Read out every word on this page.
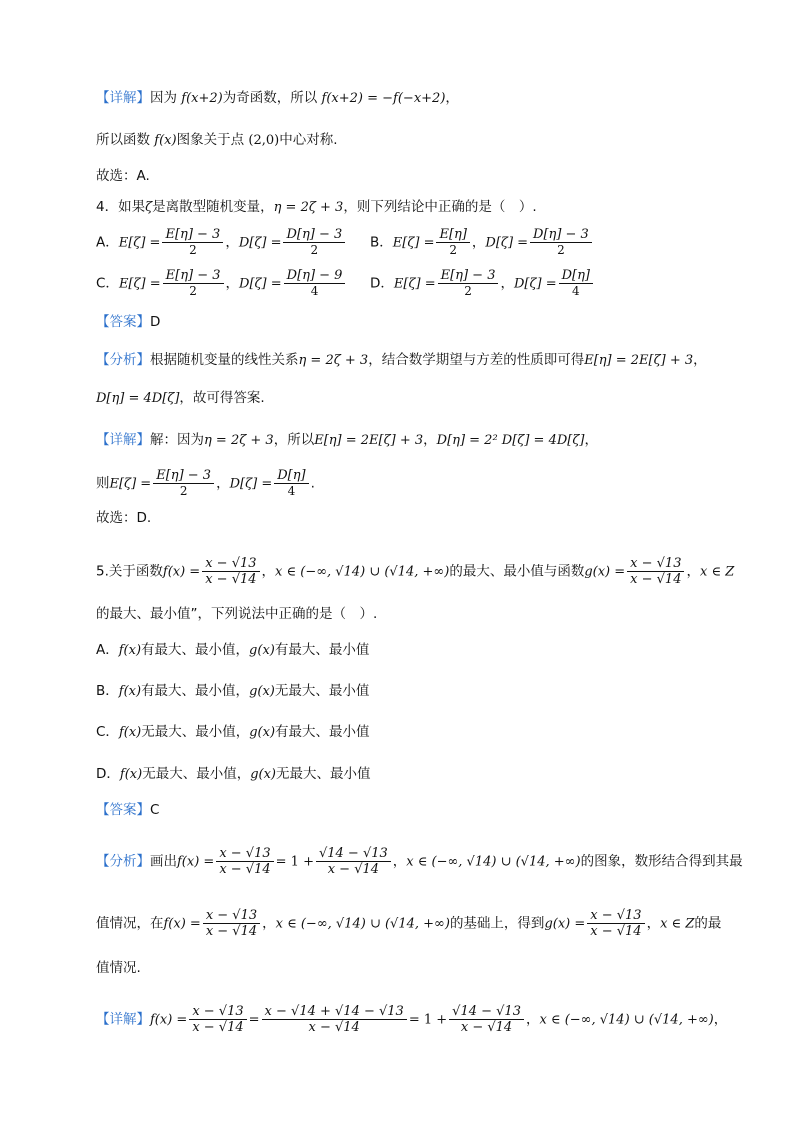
【详解】因为 f(x+2)为奇函数，所以 f(x+2) = −f(−x+2)，
所以函数 f(x)图象关于点 (2,0)中心对称.
故选：A.
4．如果ζ是离散型随机变量，η = 2ζ + 3，则下列结论中正确的是（　）.
A．$E[\zeta] = \frac{E[\eta] - 3}{2}$ ，$D[\zeta] = \frac{D[\eta] - 3}{2}$ B．$E[\zeta] = \frac{E[\eta]}{2}$ ，$D[\zeta] = \frac{D[\eta] - 3}{2}$
C．$E[\zeta] = \frac{E[\eta] - 3}{2}$ ，$D[\zeta] = \frac{D[\eta] - 9}{4}$ D．$E[\zeta] = \frac{E[\eta] - 3}{2}$ ，$D[\zeta] = \frac{D[\eta]}{4}$
【答案】D
【分析】根据随机变量的线性关系η = 2ζ + 3，结合数学期望与方差的性质即可得E[η] = 2E[ζ] + 3，
D[η] = 4D[ζ]，故可得答案.
【详解】解：因为η = 2ζ + 3，所以E[η] = 2E[ζ] + 3，D[η] = 2² D[ζ] = 4D[ζ]，
则$E[\zeta] = \frac{E[\eta] - 3}{2}$ ，$D[\zeta] = \frac{D[\eta]}{4}$ .
故选：D.
5.关于函数$f(x) = \frac{x - √13}{x - √14}$ ，x ∈ (−∞, √14) ∪ (√14, +∞)的最大、最小值与函数$g(x) = \frac{x - √13}{x - √14}$ ，x ∈ Z
的最大、最小值”，下列说法中正确的是（　）.
A．f(x)有最大、最小值，g(x)有最大、最小值
B．f(x)有最大、最小值，g(x)无最大、最小值
C．f(x)无最大、最小值，g(x)有最大、最小值
D．f(x)无最大、最小值，g(x)无最大、最小值
【答案】C
【分析】画出$f(x) = \frac{x - √13}{x - √14} = 1 + \frac{√14 - √13}{x - √14}$ ，x ∈ (−∞, √14) ∪ (√14, +∞)的图象，数形结合得到其最
值情况，在$f(x) = \frac{x - √13}{x - √14}$ ，x ∈ (−∞, √14) ∪ (√14, +∞)的基础上，得到$g(x) = \frac{x - √13}{x - √14}$ ，x ∈ Z的最
值情况.
【详解】$f(x) = \frac{x - √13}{x - √14} = \frac{x - √14 + √14 - √13}{x - √14} = 1 + \frac{√14 - √13}{x - √14}$ ，x ∈ (−∞, √14) ∪ (√14, +∞)，
